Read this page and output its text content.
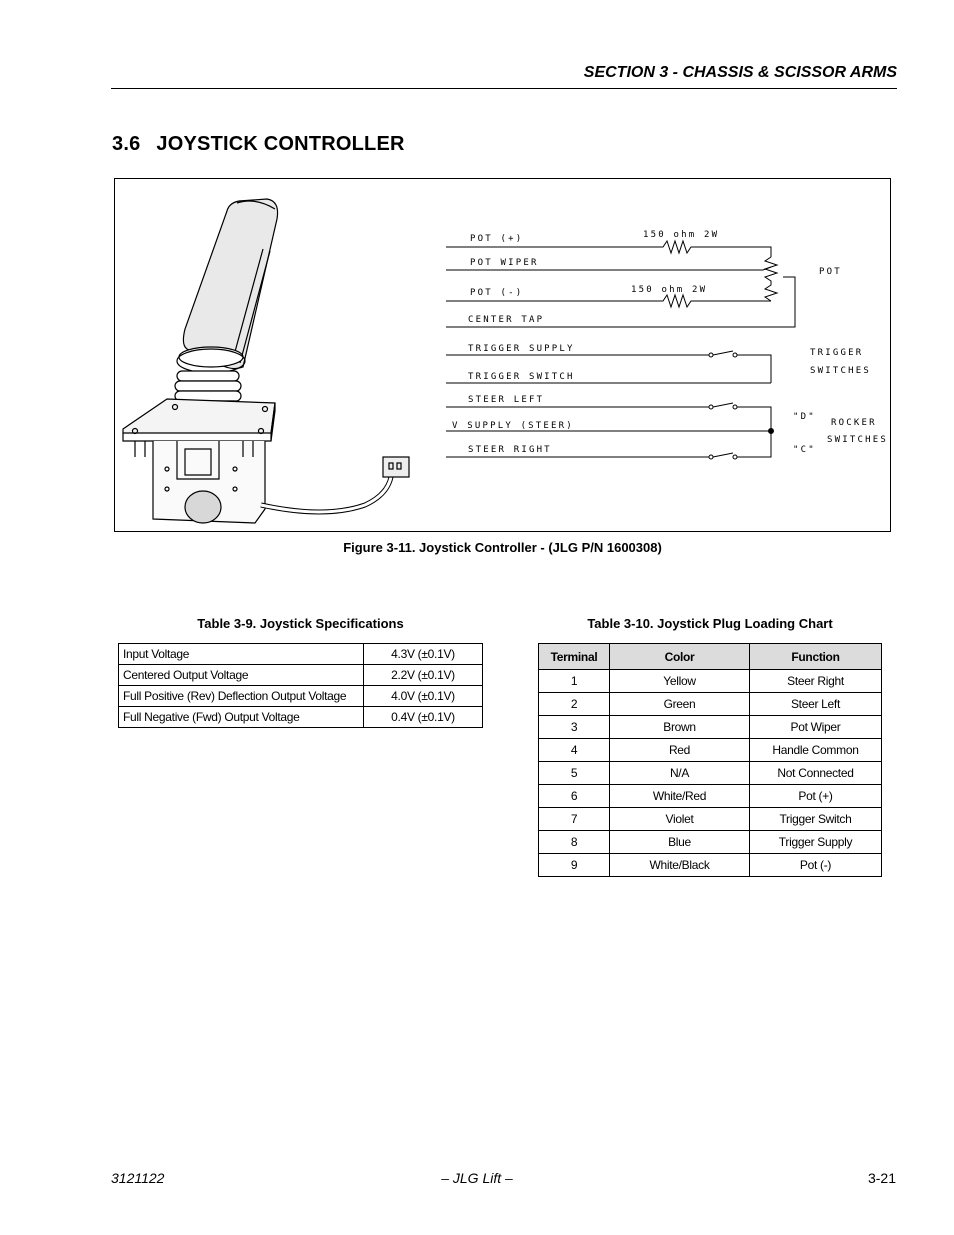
SECTION 3 - CHASSIS & SCISSOR ARMS
3.6 JOYSTICK CONTROLLER
POT (+)
POT WIPER
POT (-)
CENTER TAP
TRIGGER SUPPLY
TRIGGER SWITCH
STEER LEFT
V SUPPLY (STEER)
STEER RIGHT
150 ohm 2W
150 ohm 2W
POT
TRIGGER
SWITCHES
"D"
"C"
ROCKER
SWITCHES
Figure 3-11. Joystick Controller - (JLG P/N 1600308)
Table 3-9. Joystick Specifications
Input Voltage	4.3V (±0.1V)
Centered Output Voltage	2.2V (±0.1V)
Full Positive (Rev) Deflection Output Voltage	4.0V (±0.1V)
Full Negative (Fwd) Output Voltage	0.4V (±0.1V)
Table 3-10. Joystick Plug Loading Chart
Terminal	Color	Function
1	Yellow	Steer Right
2	Green	Steer Left
3	Brown	Pot Wiper
4	Red	Handle Common
5	N/A	Not Connected
6	White/Red	Pot (+)
7	Violet	Trigger Switch
8	Blue	Trigger Supply
9	White/Black	Pot (-)
3121122	– JLG Lift –	3-21
